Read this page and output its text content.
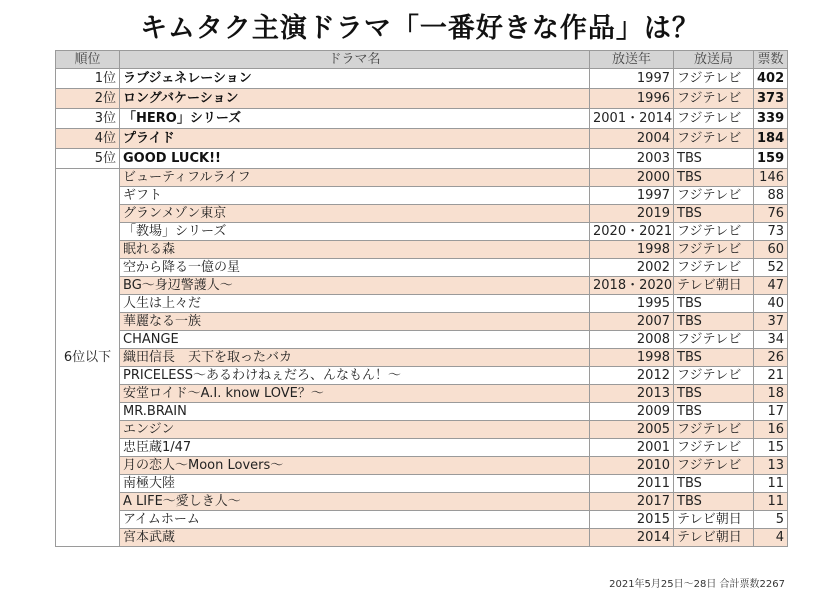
キムタク主演ドラマ「一番好きな作品」は？
順位	ドラマ名	放送年	放送局	票数
1位	ラブジェネレーション	1997	フジテレビ	402
2位	ロングバケーション	1996	フジテレビ	373
3位	「HERO」シリーズ	2001・2014	フジテレビ	339
4位	プライド	2004	フジテレビ	184
5位	GOOD LUCK!!	2003	TBS	159
6位以下	ビューティフルライフ	2000	TBS	146
	ギフト	1997	フジテレビ	88
	グランメゾン東京	2019	TBS	76
	「教場」シリーズ	2020・2021	フジテレビ	73
	眠れる森	1998	フジテレビ	60
	空から降る一億の星	2002	フジテレビ	52
	BG～身辺警護人～	2018・2020	テレビ朝日	47
	人生は上々だ	1995	TBS	40
	華麗なる一族	2007	TBS	37
	CHANGE	2008	フジテレビ	34
	織田信長　天下を取ったバカ	1998	TBS	26
	PRICELESS～あるわけねぇだろ、んなもん！～	2012	フジテレビ	21
	安堂ロイド～A.I. know LOVE？～	2013	TBS	18
	MR.BRAIN	2009	TBS	17
	エンジン	2005	フジテレビ	16
	忠臣蔵1/47	2001	フジテレビ	15
	月の恋人～Moon Lovers～	2010	フジテレビ	13
	南極大陸	2011	TBS	11
	A LIFE～愛しき人～	2017	TBS	11
	アイムホーム	2015	テレビ朝日	5
	宮本武蔵	2014	テレビ朝日	4
2021年5月25日～28日 合計票数2267
